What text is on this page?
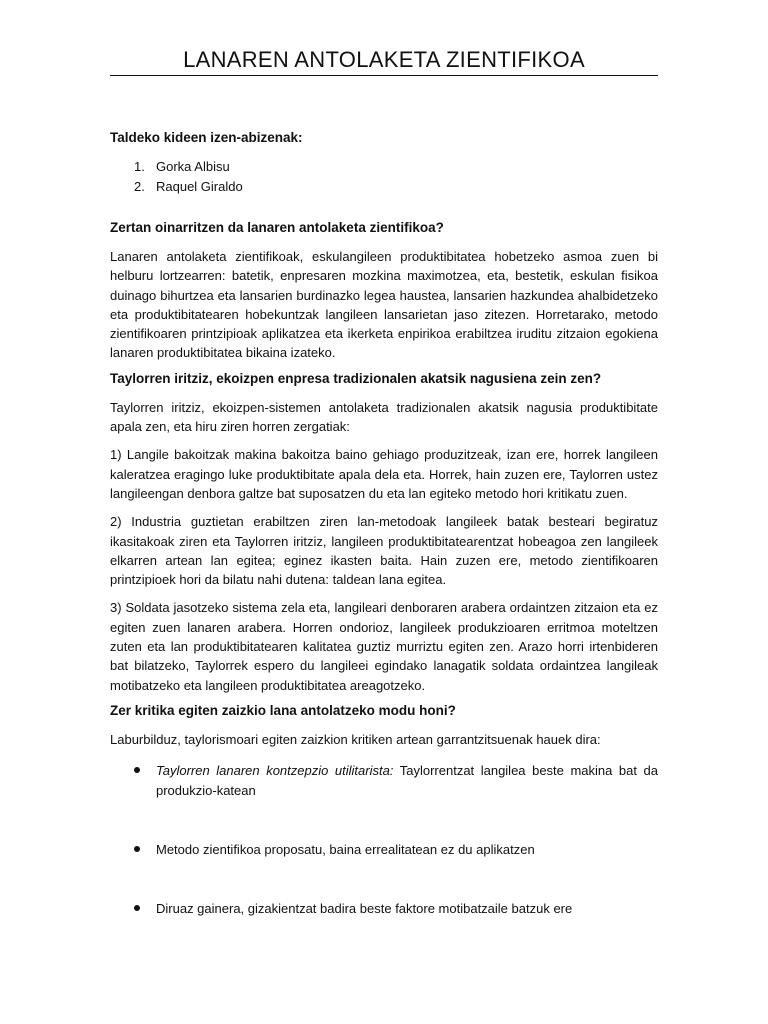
LANAREN ANTOLAKETA ZIENTIFIKOA
Taldeko kideen izen-abizenak:
1. Gorka Albisu
2. Raquel Giraldo
Zertan oinarritzen da lanaren antolaketa zientifikoa?

Lanaren antolaketa zientifikoak, eskulangileen produktibitatea hobetzeko asmoa zuen bi helburu lortzearren: batetik, enpresaren mozkina maximotzea, eta, bestetik, eskulan fisikoa duinago bihurtzea eta lansarien burdinazko legea haustea, lansarien hazkundea ahalbidetzeko eta produktibitatearen hobekuntzak langileen lansarietan jaso zitezen. Horretarako, metodo zientifikoaren printzipioak aplikatzea eta ikerketa enpirikoa erabiltzea iruditu zitzaion egokiena lanaren produktibitatea bikaina izateko.

Taylorren iritziz, ekoizpen enpresa tradizionalen akatsik nagusiena zein zen?

Taylorren iritziz, ekoizpen-sistemen antolaketa tradizionalen akatsik nagusia produktibitate apala zen, eta hiru ziren horren zergatiak:

1) Langile bakoitzak makina bakoitza baino gehiago produzitzeak, izan ere, horrek langileen kaleratzea eragingo luke produktibitate apala dela eta. Horrek, hain zuzen ere, Taylorren ustez langileengan denbora galtze bat suposatzen du eta lan egiteko metodo hori kritikatu zuen.

2) Industria guztietan erabiltzen ziren lan-metodoak langileek batak besteari begiratuz ikasitakoak ziren eta Taylorren iritziz, langileen produktibitatearentzat hobeagoa zen langileek elkarren artean lan egitea; eginez ikasten baita. Hain zuzen ere, metodo zientifikoaren printzipioek hori da bilatu nahi dutena: taldean lana egitea.

3) Soldata jasotzeko sistema zela eta, langileari denboraren arabera ordaintzen zitzaion eta ez egiten zuen lanaren arabera. Horren ondorioz, langileek produkzioaren erritmoa moteltzen zuten eta lan produktibitatearen kalitatea guztiz murriztu egiten zen. Arazo horri irtenbideren bat bilatzeko, Taylorrek espero du langileei egindako lanagatik soldata ordaintzea langileak motibatzeko eta langileen produktibitatea areagotzeko.

Zer kritika egiten zaizkio lana antolatzeko modu honi?

Laburbilduz, taylorismoari egiten zaizkion kritiken artean garrantzitsuenak hauek dira:

Taylorren lanaren kontzepzio utilitarista: Taylorrentzat langilea beste makina bat da produkzio-katean
Metodo zientifikoa proposatu, baina errealitatean ez du aplikatzen
Diruaz gainera, gizakientzat badira beste faktore motibatzaile batzuk ere
